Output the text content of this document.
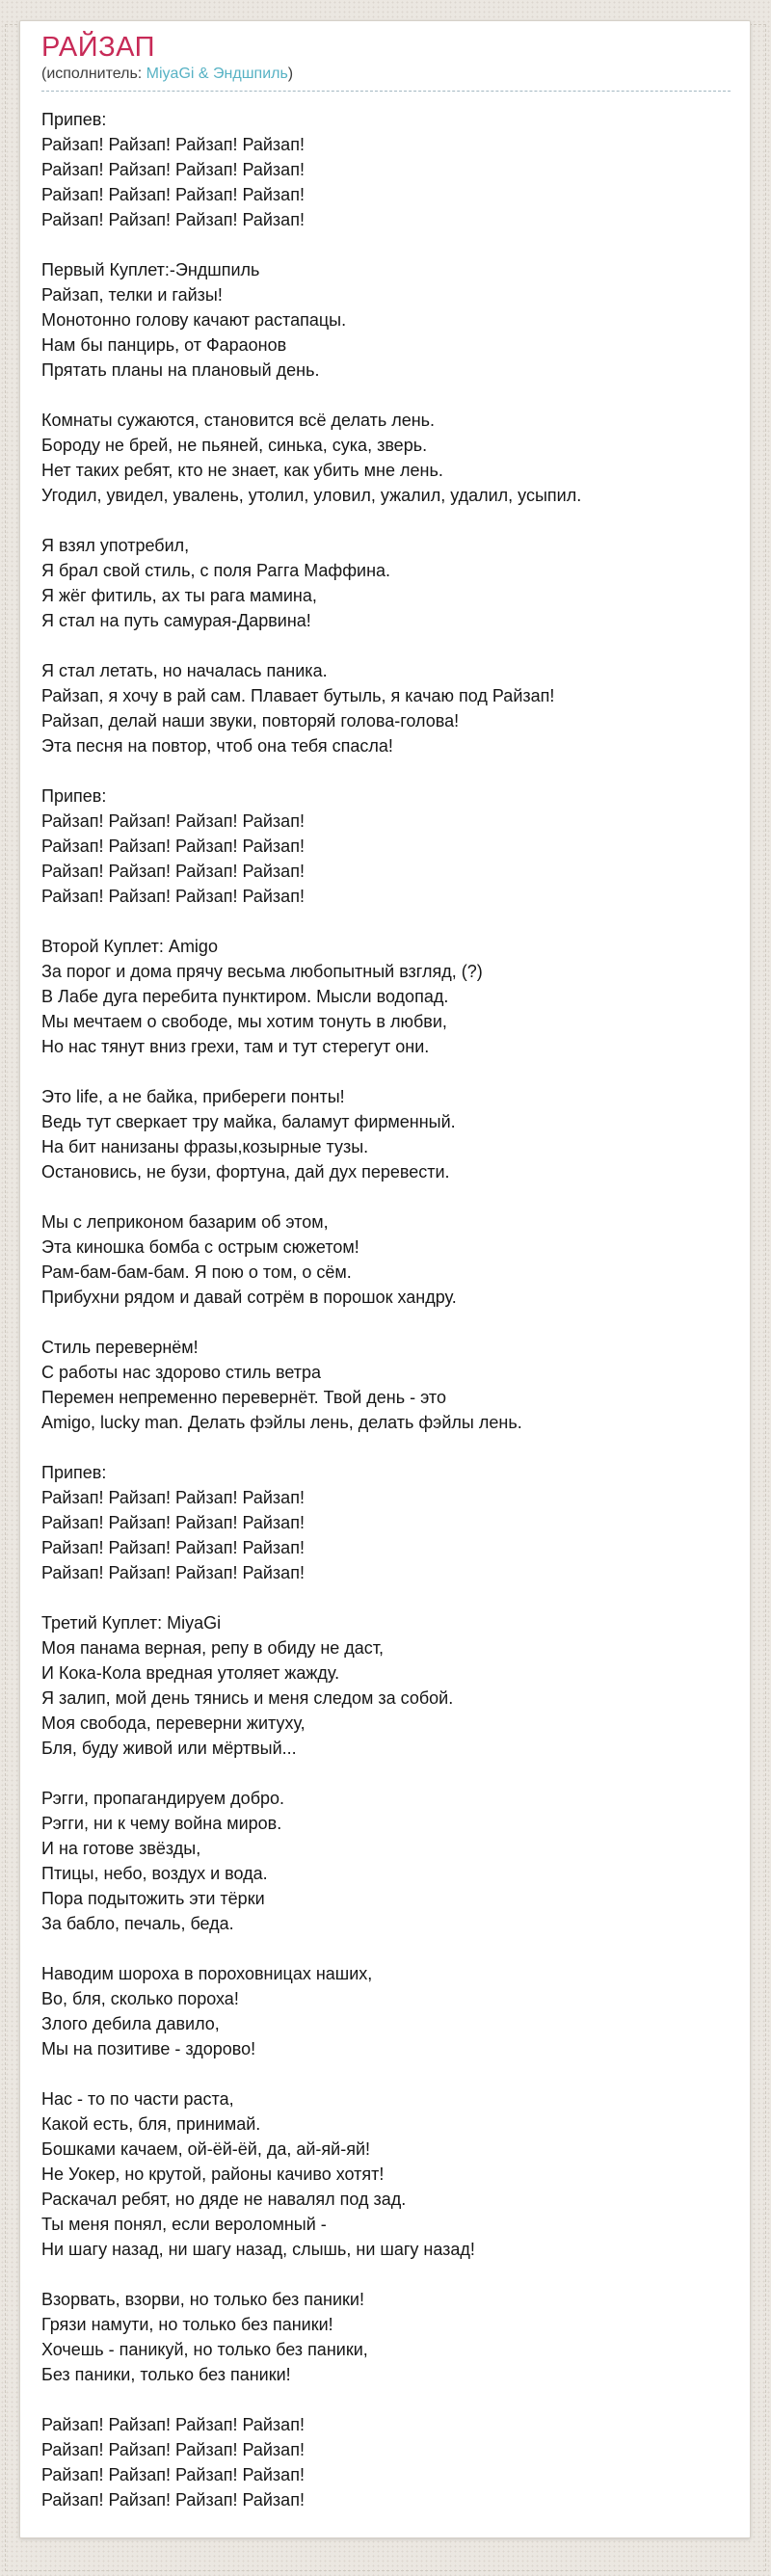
РАЙЗАП
(исполнитель: MiyaGi & Эндшпиль)

Припев:
Райзап! Райзап! Райзап! Райзап!
Райзап! Райзап! Райзап! Райзап!
Райзап! Райзап! Райзап! Райзап!
Райзап! Райзап! Райзап! Райзап!

Первый Куплет:-Эндшпиль
Райзап, телки и гайзы!
Монотонно голову качают растапацы.
Нам бы панцирь, от Фараонов
Прятать планы на плановый день.

Комнаты сужаются, становится всё делать лень.
Бороду не брей, не пьяней, синька, сука, зверь.
Нет таких ребят, кто не знает, как убить мне лень.
Угодил, увидел, увалень, утолил, уловил, ужалил, удалил, усыпил.

Я взял употребил,
Я брал свой стиль, с поля Рагга Маффина.
Я жёг фитиль, ах ты рага мамина,
Я стал на путь самурая-Дарвина!

Я стал летать, но началась паника.
Райзап, я хочу в рай сам. Плавает бутыль, я качаю под Райзап!
Райзап, делай наши звуки, повторяй голова-голова!
Эта песня на повтор, чтоб она тебя спасла!

Припев:
Райзап! Райзап! Райзап! Райзап!
Райзап! Райзап! Райзап! Райзап!
Райзап! Райзап! Райзап! Райзап!
Райзап! Райзап! Райзап! Райзап!

Второй Куплет: Amigo
За порог и дома прячу весьма любопытный взгляд, (?)
В Лабе дуга перебита пунктиром. Мысли водопад.
Мы мечтаем о свободе, мы хотим тонуть в любви,
Но нас тянут вниз грехи, там и тут стерегут они.

Это life, а не байка, прибереги понты!
Ведь тут сверкает тру майка, баламут фирменный.
На бит нанизаны фразы,козырные тузы.
Остановись, не бузи, фортуна, дай дух перевести.

Мы с леприконом базарим об этом,
Эта киношка бомба с острым сюжетом!
Рам-бам-бам-бам. Я пою о том, о сём.
Прибухни рядом и давай сотрём в порошок хандру.

Стиль перевернём!
С работы нас здорово стиль ветра
Перемен непременно перевернёт. Твой день - это
Amigo, lucky man. Делать фэйлы лень, делать фэйлы лень.

Припев:
Райзап! Райзап! Райзап! Райзап!
Райзап! Райзап! Райзап! Райзап!
Райзап! Райзап! Райзап! Райзап!
Райзап! Райзап! Райзап! Райзап!

Третий Куплет: MiyaGi
Моя панама верная, репу в обиду не даст,
И Кока-Кола вредная утоляет жажду.
Я залип, мой день тянись и меня следом за собой.
Моя свобода, переверни житуху,
Бля, буду живой или мёртвый...

Рэгги, пропагандируем добро.
Рэгги, ни к чему война миров.
И на готове звёзды,
Птицы, небо, воздух и вода.
Пора подытожить эти тёрки
За бабло, печаль, беда.

Наводим шороха в пороховницах наших,
Во, бля, сколько пороха!
Злого дебила давило,
Мы на позитиве - здорово!

Нас - то по части раста,
Какой есть, бля, принимай.
Бошками качаем, ой-ёй-ёй, да, ай-яй-яй!
Не Уокер, но крутой, районы качиво хотят!
Раскачал ребят, но дяде не навалял под зад.
Ты меня понял, если вероломный -
Ни шагу назад, ни шагу назад, слышь, ни шагу назад!

Взорвать, взорви, но только без паники!
Грязи намути, но только без паники!
Хочешь - паникуй, но только без паники,
Без паники, только без паники!

Райзап! Райзап! Райзап! Райзап!
Райзап! Райзап! Райзап! Райзап!
Райзап! Райзап! Райзап! Райзап!
Райзап! Райзап! Райзап! Райзап!
